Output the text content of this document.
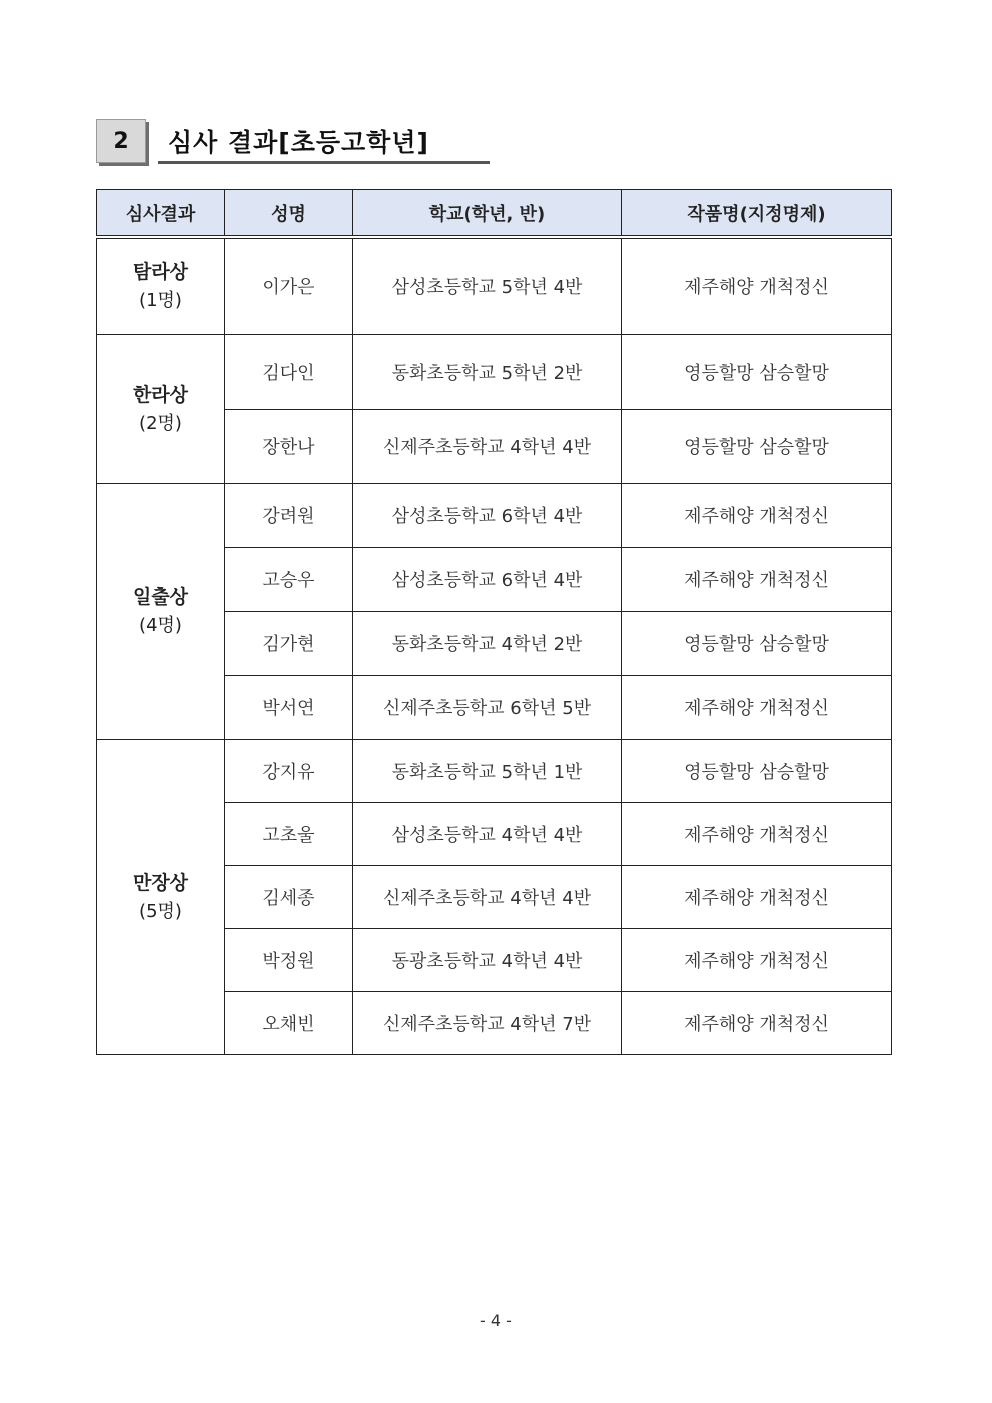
2	심사 결과[초등고학년]
심사결과	성명	학교(학년, 반)	작품명(지정명제)

탐라상
(1명)	이가은	삼성초등학교 5학년 4반	제주해양 개척정신

한라상
(2명)	김다인	동화초등학교 5학년 2반	영등할망 삼승할망
	장한나	신제주초등학교 4학년 4반	영등할망 삼승할망

일출상
(4명)	강려원	삼성초등학교 6학년 4반	제주해양 개척정신
	고승우	삼성초등학교 6학년 4반	제주해양 개척정신
	김가현	동화초등학교 4학년 2반	영등할망 삼승할망
	박서연	신제주초등학교 6학년 5반	제주해양 개척정신

만장상
(5명)	강지유	동화초등학교 5학년 1반	영등할망 삼승할망
	고초울	삼성초등학교 4학년 4반	제주해양 개척정신
	김세종	신제주초등학교 4학년 4반	제주해양 개척정신
	박정원	동광초등학교 4학년 4반	제주해양 개척정신
	오채빈	신제주초등학교 4학년 7반	제주해양 개척정신
- 4 -
